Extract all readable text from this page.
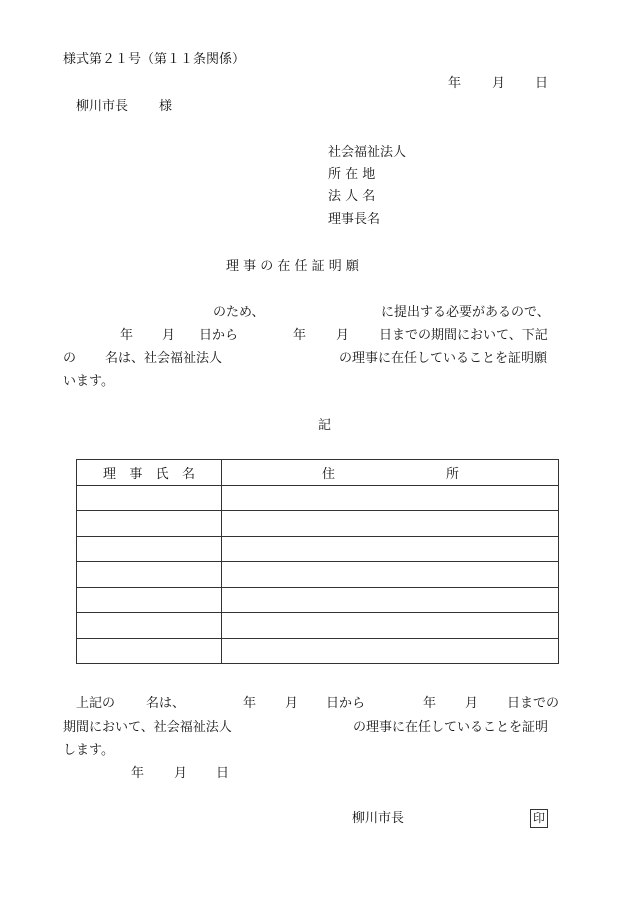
様式第２１号（第１１条関係）
年 月 日
柳川市長 様
社会福祉法人
所 在 地
法 人 名
理事長名
理 事 の 在 任 証 明 願
のため、	に提出する必要があるので、
年 月 日から	年 月 日までの期間において、下記
の 名は、社会福祉法人	の理事に在任していることを証明願
います。
記
理 事 氏 名	住 所

上記の 名は、	年 月 日から	年 月 日までの
期間において、社会福祉法人	の理事に在任していることを証明
します。
年 月 日
柳川市長	印
